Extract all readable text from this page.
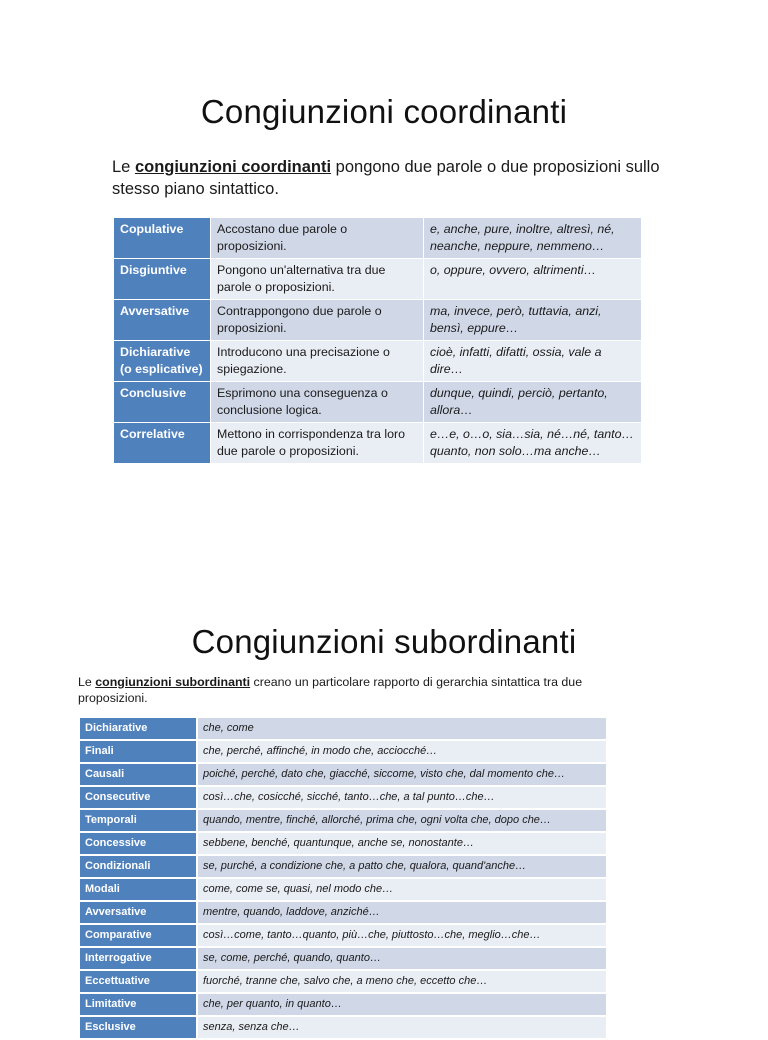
Congiunzioni coordinanti

Le congiunzioni coordinanti pongono due parole o due proposizioni sullo stesso piano sintattico.

Copulative	Accostano due parole o proposizioni.	e, anche, pure, inoltre, altresì, né, neanche, neppure, nemmeno…
Disgiuntive	Pongono un'alternativa tra due parole o proposizioni.	o, oppure, ovvero, altrimenti…
Avversative	Contrappongono due parole o proposizioni.	ma, invece, però, tuttavia, anzi, bensì, eppure…
Dichiarative (o esplicative)	Introducono una precisazione o spiegazione.	cioè, infatti, difatti, ossia, vale a dire…
Conclusive	Esprimono una conseguenza o conclusione logica.	dunque, quindi, perciò, pertanto, allora…
Correlative	Mettono in corrispondenza tra loro due parole o proposizioni.	e…e, o…o, sia…sia, né…né, tanto…quanto, non solo…ma anche…
Congiunzioni subordinanti

Le congiunzioni subordinanti creano un particolare rapporto di gerarchia sintattica tra due proposizioni.

Dichiarative	che, come
Finali	che, perché, affinché, in modo che, acciocché…
Causali	poiché, perché, dato che, giacché, siccome, visto che, dal momento che…
Consecutive	così…che, cosicché, sicché, tanto…che, a tal punto…che…
Temporali	quando, mentre, finché, allorché, prima che, ogni volta che, dopo che…
Concessive	sebbene, benché, quantunque, anche se, nonostante…
Condizionali	se, purché, a condizione che, a patto che, qualora, quand'anche…
Modali	come, come se, quasi, nel modo che…
Avversative	mentre, quando, laddove, anziché…
Comparative	così…come, tanto…quanto, più…che, piuttosto…che, meglio…che…
Interrogative	se, come, perché, quando, quanto…
Eccettuative	fuorché, tranne che, salvo che, a meno che, eccetto che…
Limitative	che, per quanto, in quanto…
Esclusive	senza, senza che…
